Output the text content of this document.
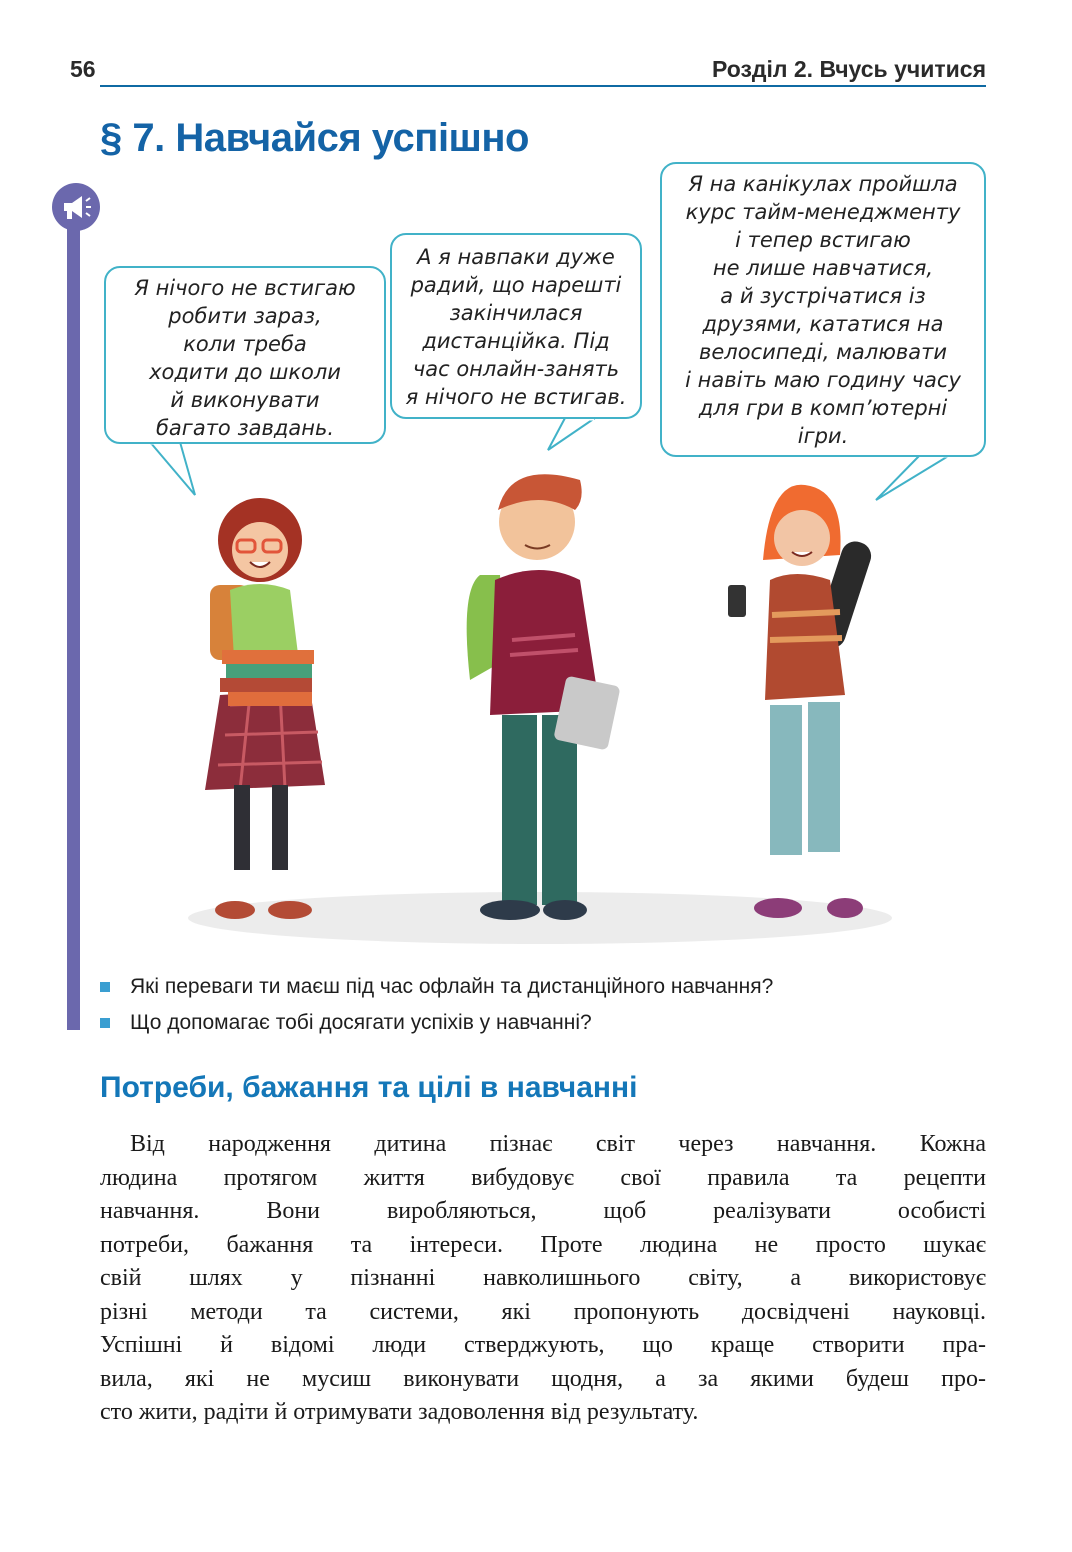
56	Розділ 2. Вчусь учитися
§ 7. Навчайся успішно
Я нічого не встигаю
робити зараз,
коли треба
ходити до школи
й виконувати
багато завдань.
А я навпаки дуже
радий, що нарешті
закінчилася
дистанційка. Під
час онлайн-занять
я нічого не встигав.
Я на канікулах пройшла
курс тайм-менеджменту
і тепер встигаю
не лише навчатися,
а й зустрічатися із
друзями, кататися на
велосипеді, малювати
і навіть маю годину часу
для гри в комп’ютерні
ігри.
Які переваги ти маєш під час офлайн та дистанційного навчання?
Що допомагає тобі досягати успіхів у навчанні?
Потреби, бажання та цілі в навчанні
Від народження дитина пізнає світ через навчання. Кожна
людина протягом життя вибудовує свої правила та рецепти
навчання. Вони виробляються, щоб реалізувати особисті
потреби, бажання та інтереси. Проте людина не просто шукає
свій шлях у пізнанні навколишнього світу, а використовує
різні методи та системи, які пропонують досвідчені науковці.
Успішні й відомі люди стверджують, що краще створити пра-
вила, які не мусиш виконувати щодня, а за якими будеш про-
сто жити, радіти й отримувати задоволення від результату.
